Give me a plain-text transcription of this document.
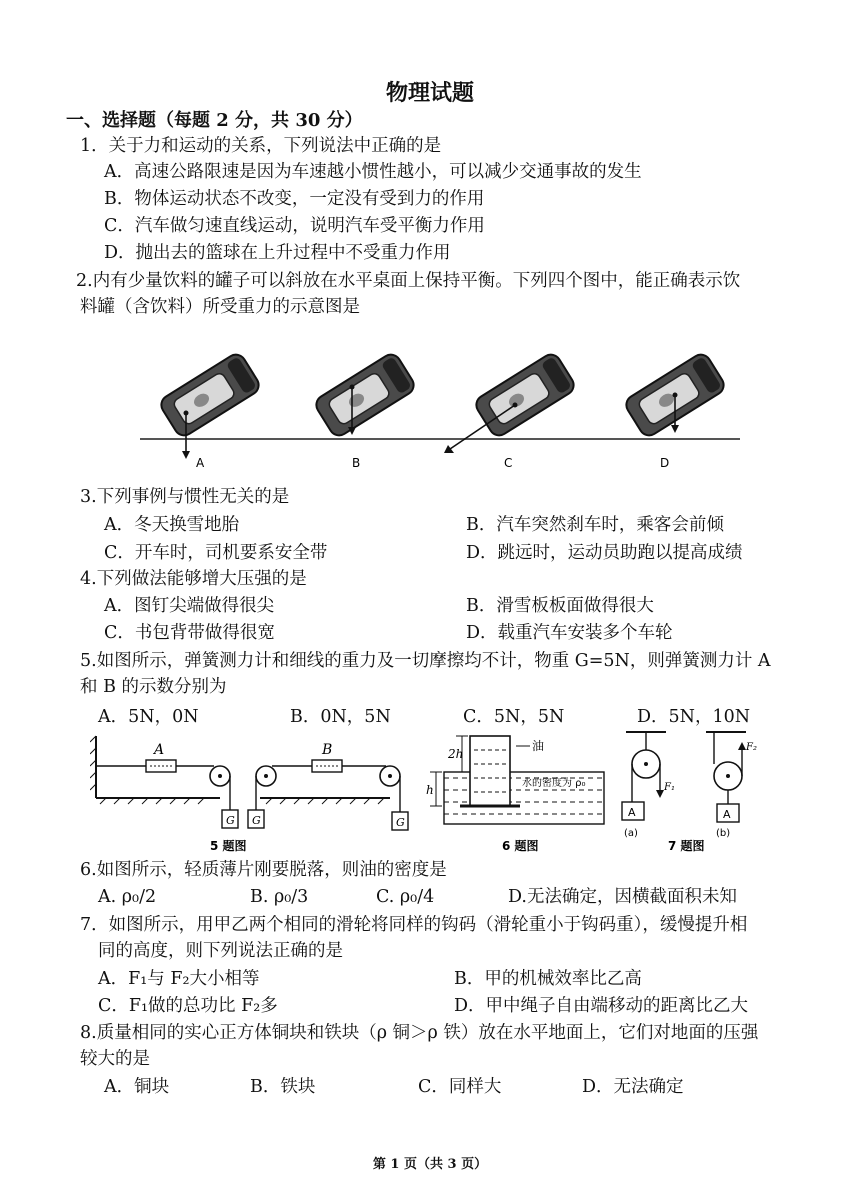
物理试题
一、选择题（每题 2 分，共 30 分）
1．关于力和运动的关系，下列说法中正确的是
A．高速公路限速是因为车速越小惯性越小，可以减少交通事故的发生
B．物体运动状态不改变，一定没有受到力的作用
C．汽车做匀速直线运动，说明汽车受平衡力作用
D．抛出去的篮球在上升过程中不受重力作用
2.内有少量饮料的罐子可以斜放在水平桌面上保持平衡。下列四个图中，能正确表示饮
料罐（含饮料）所受重力的示意图是
A	B	C	D
3.下列事例与惯性无关的是
A．冬天换雪地胎	B．汽车突然刹车时，乘客会前倾
C．开车时，司机要系安全带	D．跳远时，运动员助跑以提高成绩
4.下列做法能够增大压强的是
A．图钉尖端做得很尖	B．滑雪板板面做得很大
C．书包背带做得很宽	D．载重汽车安装多个车轮
5.如图所示，弹簧测力计和细线的重力及一切摩擦均不计，物重 G=5N，则弹簧测力计 A
和 B 的示数分别为
A．5N，0N	B．0N，5N	C．5N，5N	D．5N，10N
A
G
B
G	G
5 题图
2h
h
油
水的密度为 ρ₀
6 题图
A
F₁
(a)
A
F₂
(b)
7 题图
6.如图所示，轻质薄片刚要脱落，则油的密度是
A. ρ₀/2	B. ρ₀/3	C. ρ₀/4	D.无法确定，因横截面积未知
7．如图所示，用甲乙两个相同的滑轮将同样的钩码（滑轮重小于钩码重），缓慢提升相
同的高度，则下列说法正确的是
A．F₁与 F₂大小相等	B．甲的机械效率比乙高
C．F₁做的总功比 F₂多	D．甲中绳子自由端移动的距离比乙大
8.质量相同的实心正方体铜块和铁块（ρ 铜＞ρ 铁）放在水平地面上，它们对地面的压强
较大的是
A．铜块	B．铁块	C．同样大	D．无法确定
第 1 页（共 3 页）
